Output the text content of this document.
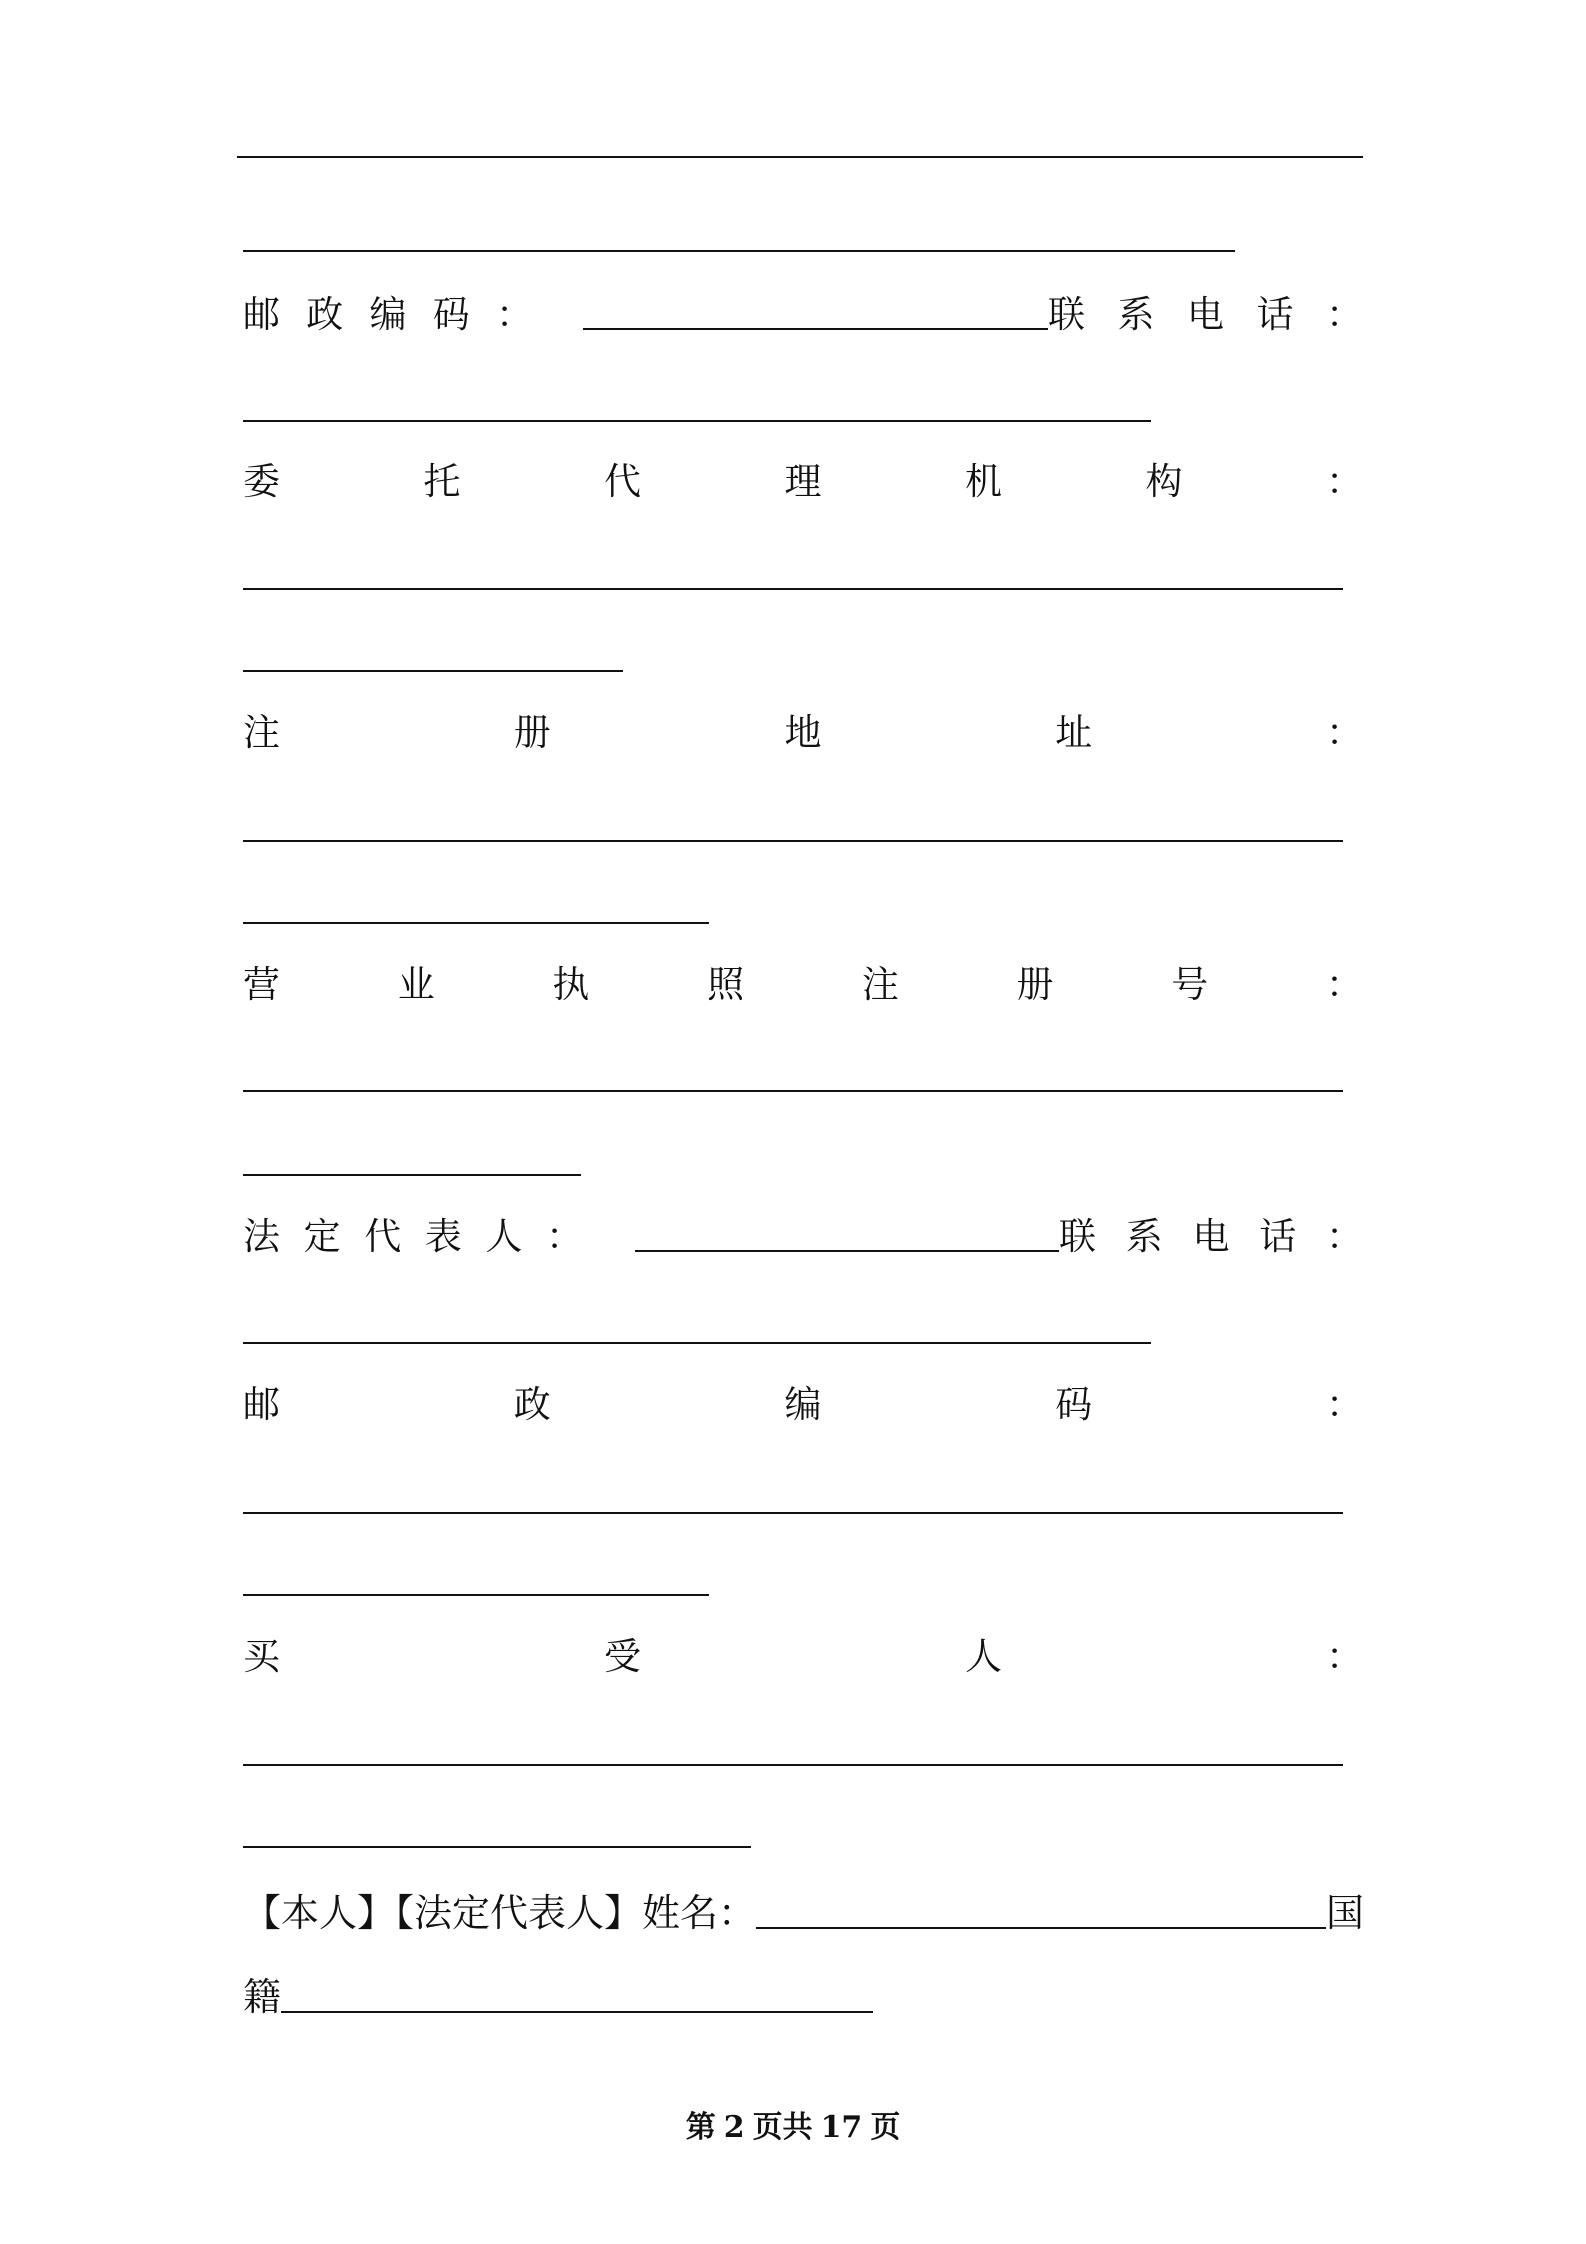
邮 政 编 码 ：	联 系 电 话 ：
委	托	代	理	机	构	：
注	册	地	址	：
营	业	执	照	注	册	号	：
法 定 代 表 人 ：	联 系 电 话 ：
邮	政	编	码	：
买	受	人	：
【本人】【法定代表人】姓名：	国
籍
第 2 页共 17 页
